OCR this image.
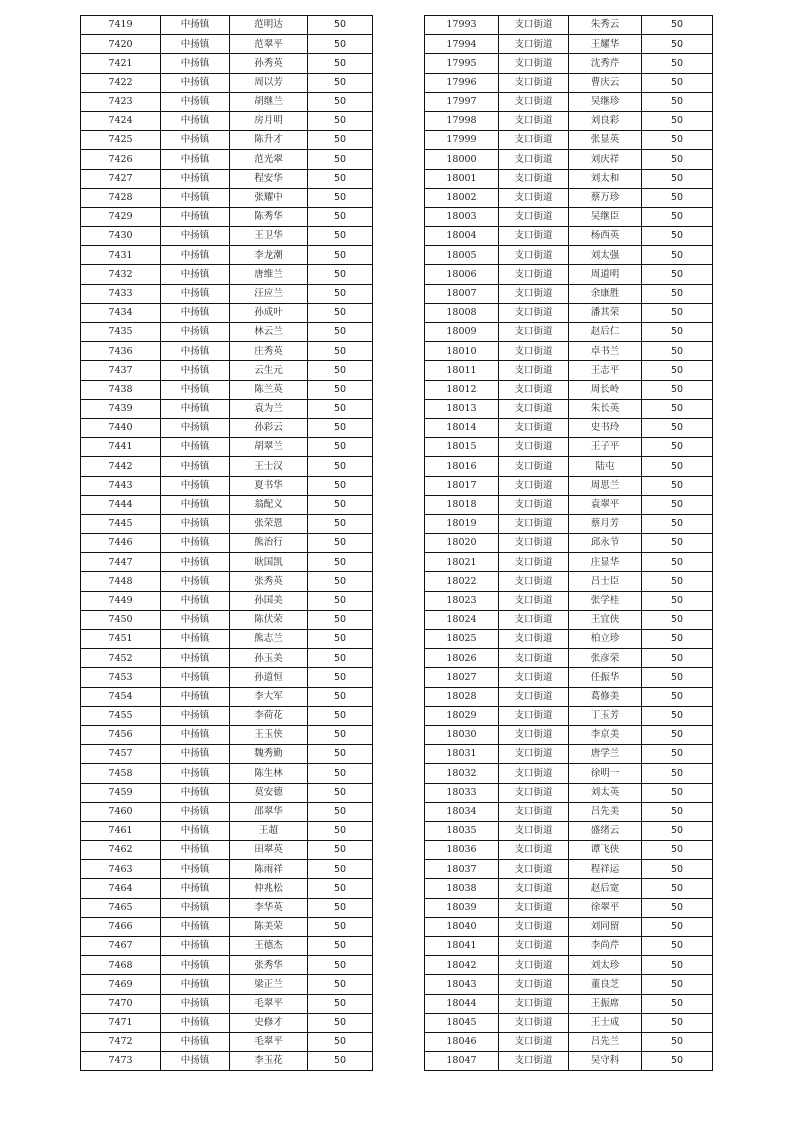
7419	中扬镇	范明达	50
7420	中扬镇	范翠平	50
7421	中扬镇	孙秀英	50
7422	中扬镇	周以芳	50
7423	中扬镇	胡继兰	50
7424	中扬镇	房月明	50
7425	中扬镇	陈升才	50
7426	中扬镇	范光翠	50
7427	中扬镇	程安华	50
7428	中扬镇	张耀中	50
7429	中扬镇	陈秀华	50
7430	中扬镇	王卫华	50
7431	中扬镇	李龙潮	50
7432	中扬镇	唐维兰	50
7433	中扬镇	汪应兰	50
7434	中扬镇	孙成叶	50
7435	中扬镇	林云兰	50
7436	中扬镇	庄秀英	50
7437	中扬镇	云生元	50
7438	中扬镇	陈兰英	50
7439	中扬镇	袁为兰	50
7440	中扬镇	孙彩云	50
7441	中扬镇	胡翠兰	50
7442	中扬镇	王士汉	50
7443	中扬镇	夏书华	50
7444	中扬镇	翁配义	50
7445	中扬镇	张荣恩	50
7446	中扬镇	熊治行	50
7447	中扬镇	耿国凯	50
7448	中扬镇	张秀英	50
7449	中扬镇	孙国美	50
7450	中扬镇	陈伏荣	50
7451	中扬镇	熊志兰	50
7452	中扬镇	孙玉美	50
7453	中扬镇	孙道恒	50
7454	中扬镇	李大军	50
7455	中扬镇	李荷花	50
7456	中扬镇	王玉侠	50
7457	中扬镇	魏秀勤	50
7458	中扬镇	陈生林	50
7459	中扬镇	莫安德	50
7460	中扬镇	邵翠华	50
7461	中扬镇	王超	50
7462	中扬镇	田翠英	50
7463	中扬镇	陈雨祥	50
7464	中扬镇	仲兆松	50
7465	中扬镇	李华英	50
7466	中扬镇	陈美荣	50
7467	中扬镇	王德杰	50
7468	中扬镇	张秀华	50
7469	中扬镇	梁正兰	50
7470	中扬镇	毛翠平	50
7471	中扬镇	史修才	50
7472	中扬镇	毛翠平	50
7473	中扬镇	李玉花	50
17993	支口街道	朱秀云	50
17994	支口街道	王耀华	50
17995	支口街道	沈秀芹	50
17996	支口街道	曹庆云	50
17997	支口街道	吴继珍	50
17998	支口街道	刘良彩	50
17999	支口街道	张显英	50
18000	支口街道	刘庆祥	50
18001	支口街道	刘太和	50
18002	支口街道	蔡万珍	50
18003	支口街道	吴继臣	50
18004	支口街道	杨西英	50
18005	支口街道	刘太强	50
18006	支口街道	周道明	50
18007	支口街道	余康胜	50
18008	支口街道	潘其荣	50
18009	支口街道	赵后仁	50
18010	支口街道	卓书兰	50
18011	支口街道	王志平	50
18012	支口街道	周长岭	50
18013	支口街道	朱长英	50
18014	支口街道	史书玲	50
18015	支口街道	王子平	50
18016	支口街道	陆屯	50
18017	支口街道	周思兰	50
18018	支口街道	袁翠平	50
18019	支口街道	蔡月芳	50
18020	支口街道	邱永节	50
18021	支口街道	庄显华	50
18022	支口街道	吕士臣	50
18023	支口街道	张学桂	50
18024	支口街道	王宜侠	50
18025	支口街道	柏立珍	50
18026	支口街道	张彦荣	50
18027	支口街道	任振华	50
18028	支口街道	葛修美	50
18029	支口街道	丁玉芳	50
18030	支口街道	李京美	50
18031	支口街道	唐学兰	50
18032	支口街道	徐明一	50
18033	支口街道	刘太英	50
18034	支口街道	吕先美	50
18035	支口街道	盛绪云	50
18036	支口街道	谭飞侠	50
18037	支口街道	程祥运	50
18038	支口街道	赵后宽	50
18039	支口街道	徐翠平	50
18040	支口街道	刘同留	50
18041	支口街道	李尚芹	50
18042	支口街道	刘太珍	50
18043	支口街道	董良芝	50
18044	支口街道	王振席	50
18045	支口街道	王士成	50
18046	支口街道	吕先兰	50
18047	支口街道	吴守科	50
